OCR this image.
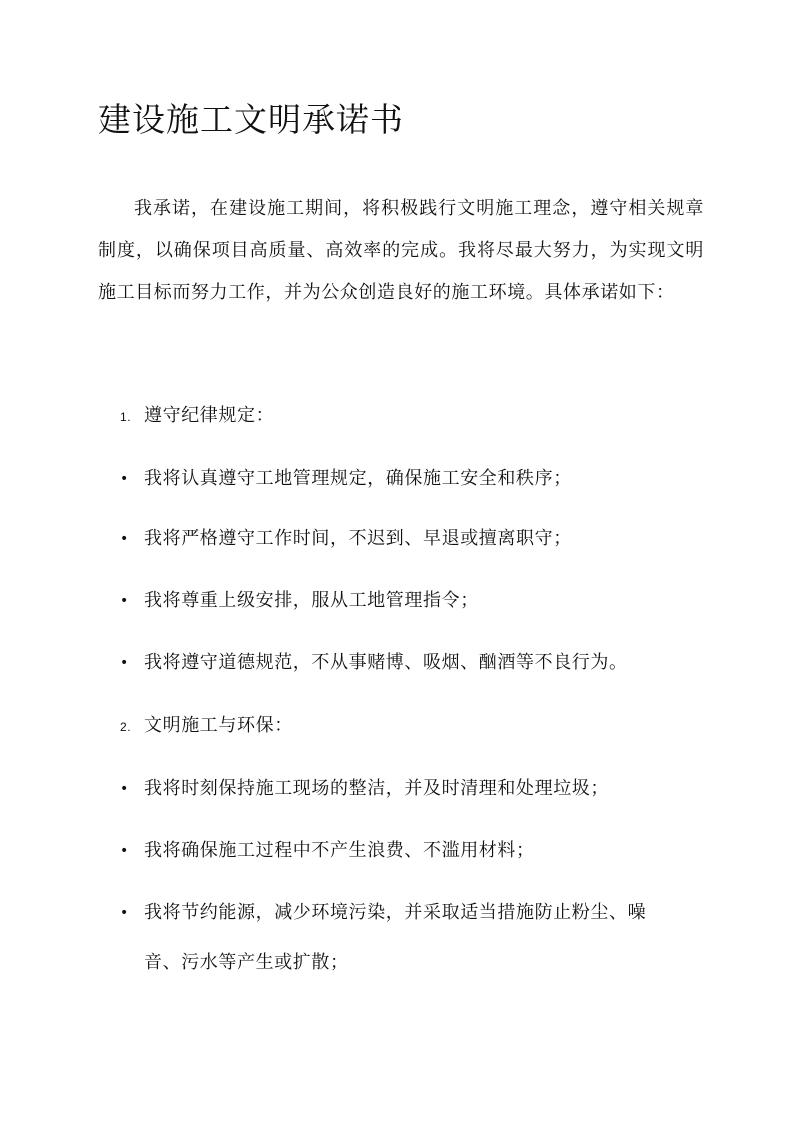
建设施工文明承诺书

我承诺，在建设施工期间，将积极践行文明施工理念，遵守相关规章制度，以确保项目高质量、高效率的完成。我将尽最大努力，为实现文明施工目标而努力工作，并为公众创造良好的施工环境。具体承诺如下：

1. 遵守纪律规定：
• 我将认真遵守工地管理规定，确保施工安全和秩序；
• 我将严格遵守工作时间，不迟到、早退或擅离职守；
• 我将尊重上级安排，服从工地管理指令；
• 我将遵守道德规范，不从事赌博、吸烟、酗酒等不良行为。
2. 文明施工与环保：
• 我将时刻保持施工现场的整洁，并及时清理和处理垃圾；
• 我将确保施工过程中不产生浪费、不滥用材料；
• 我将节约能源，减少环境污染，并采取适当措施防止粉尘、噪音、污水等产生或扩散；
